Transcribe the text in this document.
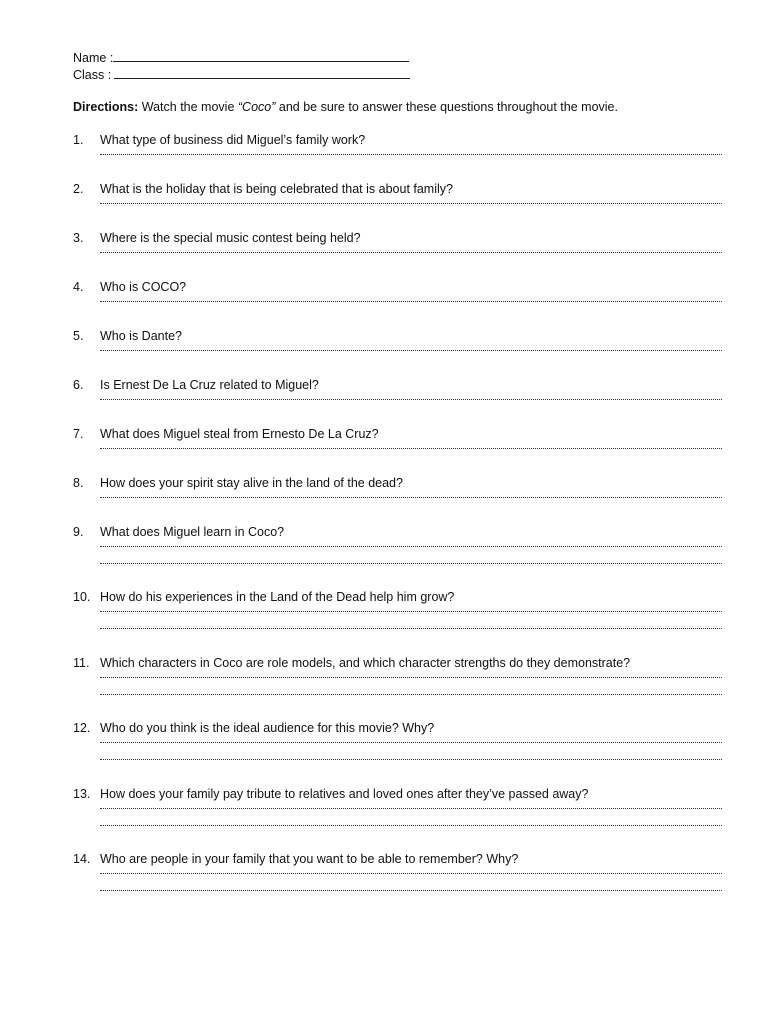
Name :
Class :
Directions: Watch the movie “Coco” and be sure to answer these questions throughout the movie.
1.	What type of business did Miguel’s family work?
2.	What is the holiday that is being celebrated that is about family?
3.	Where is the special music contest being held?
4.	Who is COCO?
5.	Who is Dante?
6.	Is Ernest De La Cruz related to Miguel?
7.	What does Miguel steal from Ernesto De La Cruz?
8.	How does your spirit stay alive in the land of the dead?
9.	What does Miguel learn in Coco?
10. How do his experiences in the Land of the Dead help him grow?
11. Which characters in Coco are role models, and which character strengths do they demonstrate?
12. Who do you think is the ideal audience for this movie? Why?
13. How does your family pay tribute to relatives and loved ones after they’ve passed away?
14. Who are people in your family that you want to be able to remember? Why?
